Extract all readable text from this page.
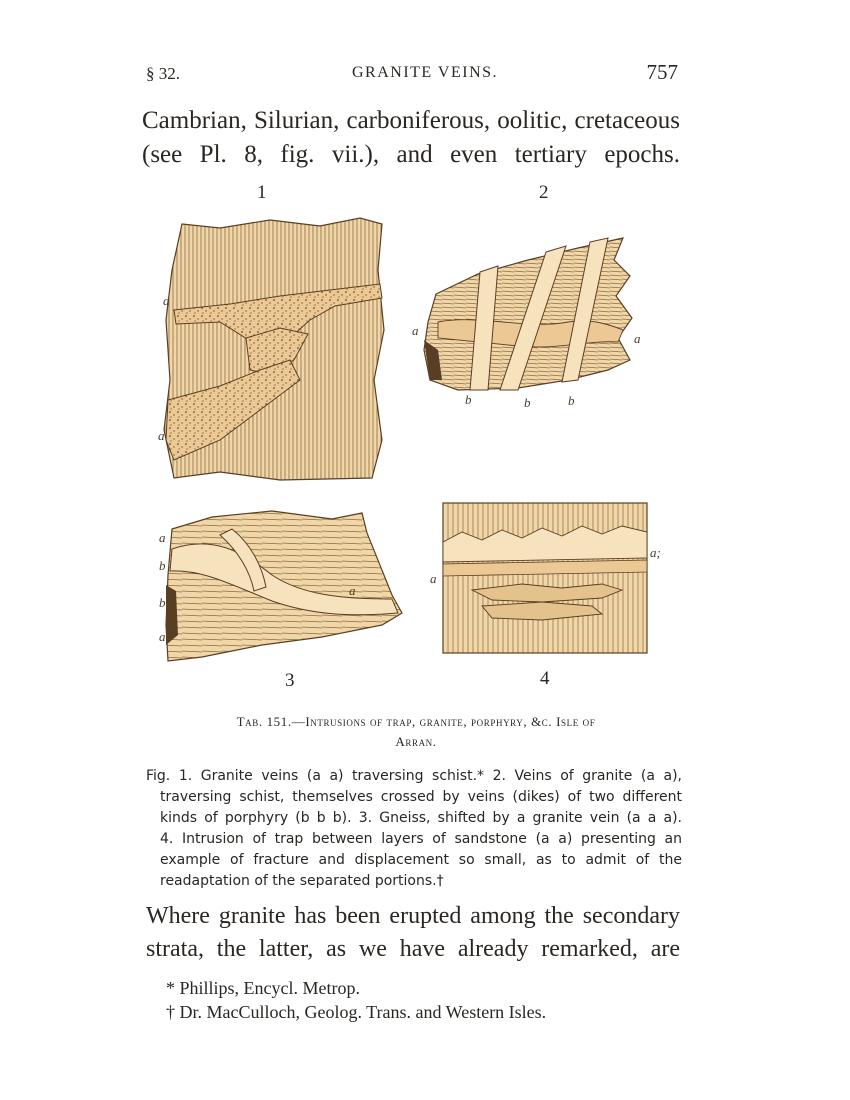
§ 32.	GRANITE VEINS.	757
Cambrian, Silurian, carboniferous, oolitic, cretaceous
(see Pl. 8, fig. vii.), and even tertiary epochs.
1	2
3	4
a
a
a
a
b	b	b
a
b
b
a
a
a
a;
Tab. 151.—Intrusions of trap, granite, porphyry, &c. Isle of
Arran.
Fig. 1. Granite veins (a a) traversing schist.* 2. Veins of granite (a a),
traversing schist, themselves crossed by veins (dikes) of two different
kinds of porphyry (b b b). 3. Gneiss, shifted by a granite vein (a a a).
4. Intrusion of trap between layers of sandstone (a a) presenting an
example of fracture and displacement so small, as to admit of the
readaptation of the separated portions.†
Where granite has been erupted among the secondary
strata, the latter, as we have already remarked, are
* Phillips, Encycl. Metrop.
† Dr. MacCulloch, Geolog. Trans. and Western Isles.
